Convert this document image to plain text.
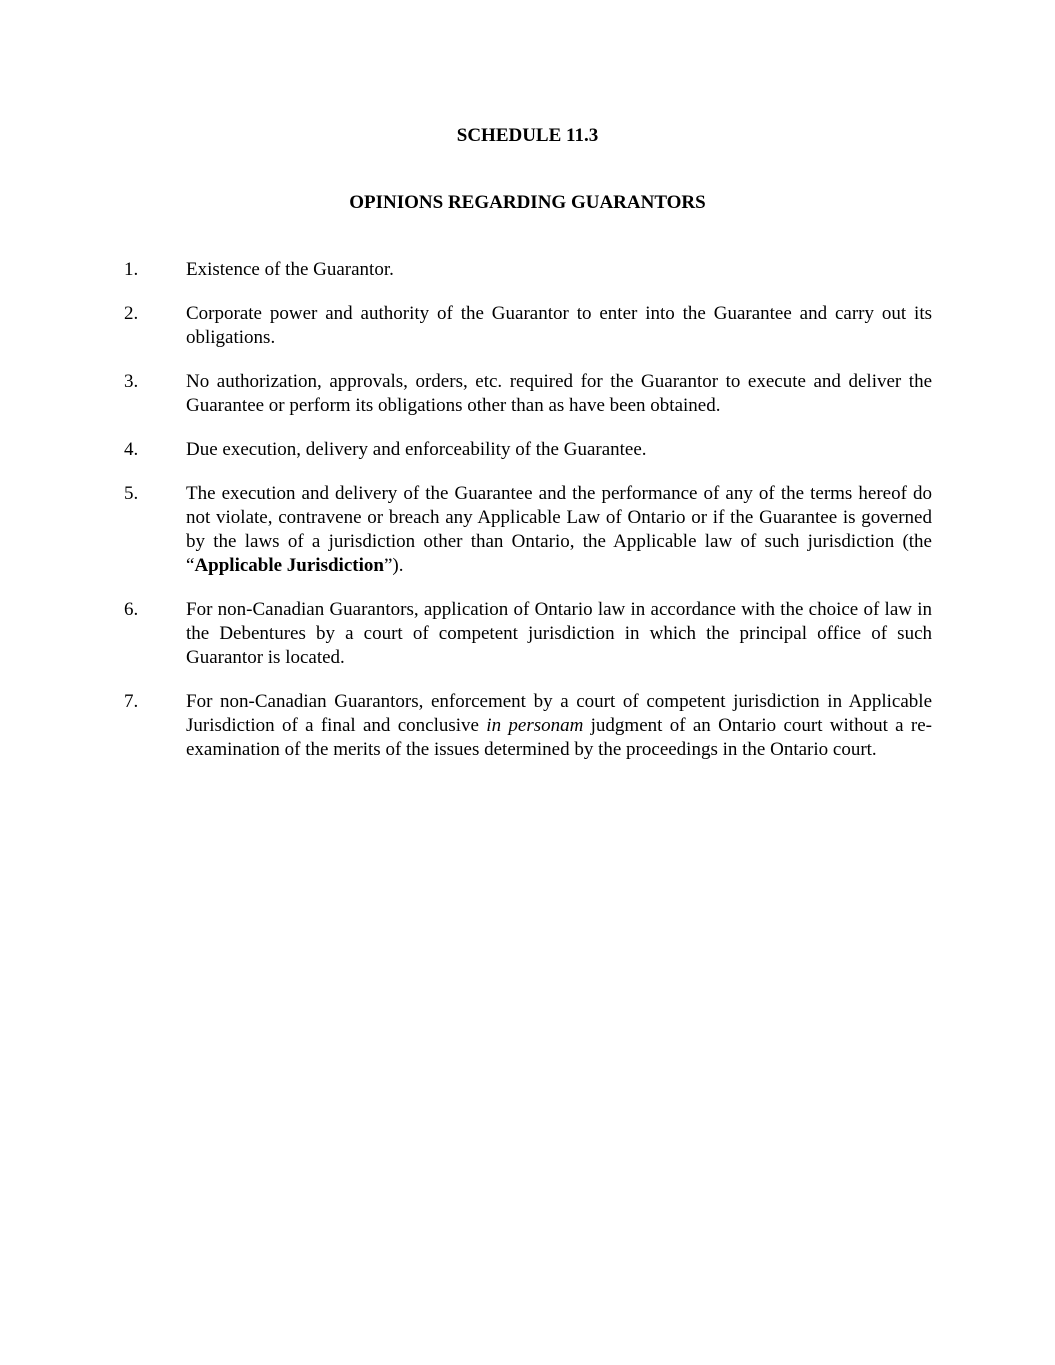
SCHEDULE 11.3
OPINIONS REGARDING GUARANTORS
1.	Existence of the Guarantor.
2.	Corporate power and authority of the Guarantor to enter into the Guarantee and carry out its obligations.
3.	No authorization, approvals, orders, etc. required for the Guarantor to execute and deliver the Guarantee or perform its obligations other than as have been obtained.
4.	Due execution, delivery and enforceability of the Guarantee.
5.	The execution and delivery of the Guarantee and the performance of any of the terms hereof do not violate, contravene or breach any Applicable Law of Ontario or if the Guarantee is governed by the laws of a jurisdiction other than Ontario, the Applicable law of such jurisdiction (the “Applicable Jurisdiction”).
6.	For non-Canadian Guarantors, application of Ontario law in accordance with the choice of law in the Debentures by a court of competent jurisdiction in which the principal office of such Guarantor is located.
7.	For non-Canadian Guarantors, enforcement by a court of competent jurisdiction in Applicable Jurisdiction of a final and conclusive in personam judgment of an Ontario court without a re-examination of the merits of the issues determined by the proceedings in the Ontario court.
